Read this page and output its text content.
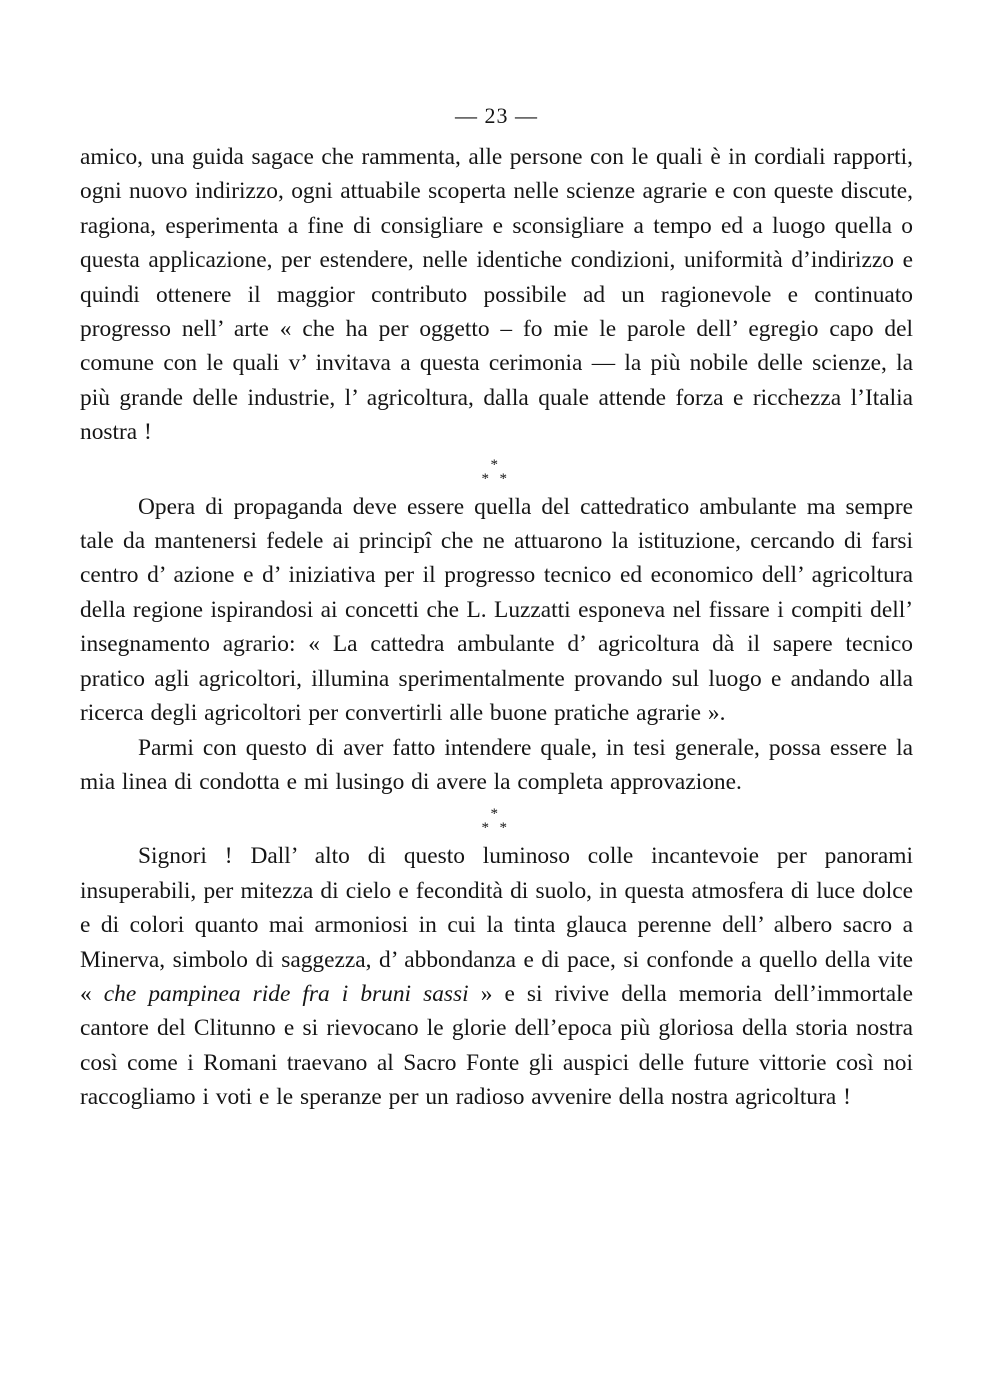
— 23 —

amico, una guida sagace che rammenta, alle persone con le quali è in cordiali rapporti, ogni nuovo indirizzo, ogni attuabile scoperta nelle scienze agrarie e con queste discute, ragiona, esperimenta a fine di consigliare e sconsigliare a tempo ed a luogo quella o questa applicazione, per estendere, nelle identiche condizioni, uniformità d’indirizzo e quindi ottenere il maggior contributo possibile ad un ragionevole e continuato progresso nell’ arte « che ha per oggetto – fo mie le parole dell’ egregio capo del comune con le quali v’ invitava a questa cerimonia — la più nobile delle scienze, la più grande delle industrie, l’ agricoltura, dalla quale attende forza e ricchezza l’Italia nostra !

*
* *

Opera di propaganda deve essere quella del cattedratico ambulante ma sempre tale da mantenersi fedele ai principî che ne attuarono la istituzione, cercando di farsi centro d’ azione e d’ iniziativa per il progresso tecnico ed economico dell’ agricoltura della regione ispirandosi ai concetti che L. Luzzatti esponeva nel fissare i compiti dell’ insegnamento agrario: « La cattedra ambulante d’ agricoltura dà il sapere tecnico pratico agli agricoltori, illumina sperimentalmente provando sul luogo e andando alla ricerca degli agricoltori per convertirli alle buone pratiche agrarie ».

Parmi con questo di aver fatto intendere quale, in tesi generale, possa essere la mia linea di condotta e mi lusingo di avere la completa approvazione.

*
* *

Signori ! Dall’ alto di questo luminoso colle incantevoie per panorami insuperabili, per mitezza di cielo e fecondità di suolo, in questa atmosfera di luce dolce e di colori quanto mai armoniosi in cui la tinta glauca perenne dell’ albero sacro a Minerva, simbolo di saggezza, d’ abbondanza e di pace, si confonde a quello della vite « che pampinea ride fra i bruni sassi » e si rivive della memoria dell’immortale cantore del Clitunno e si rievocano le glorie dell’epoca più gloriosa della storia nostra così come i Romani traevano al Sacro Fonte gli auspici delle future vittorie così noi raccogliamo i voti e le speranze per un radioso avvenire della nostra agricoltura !
